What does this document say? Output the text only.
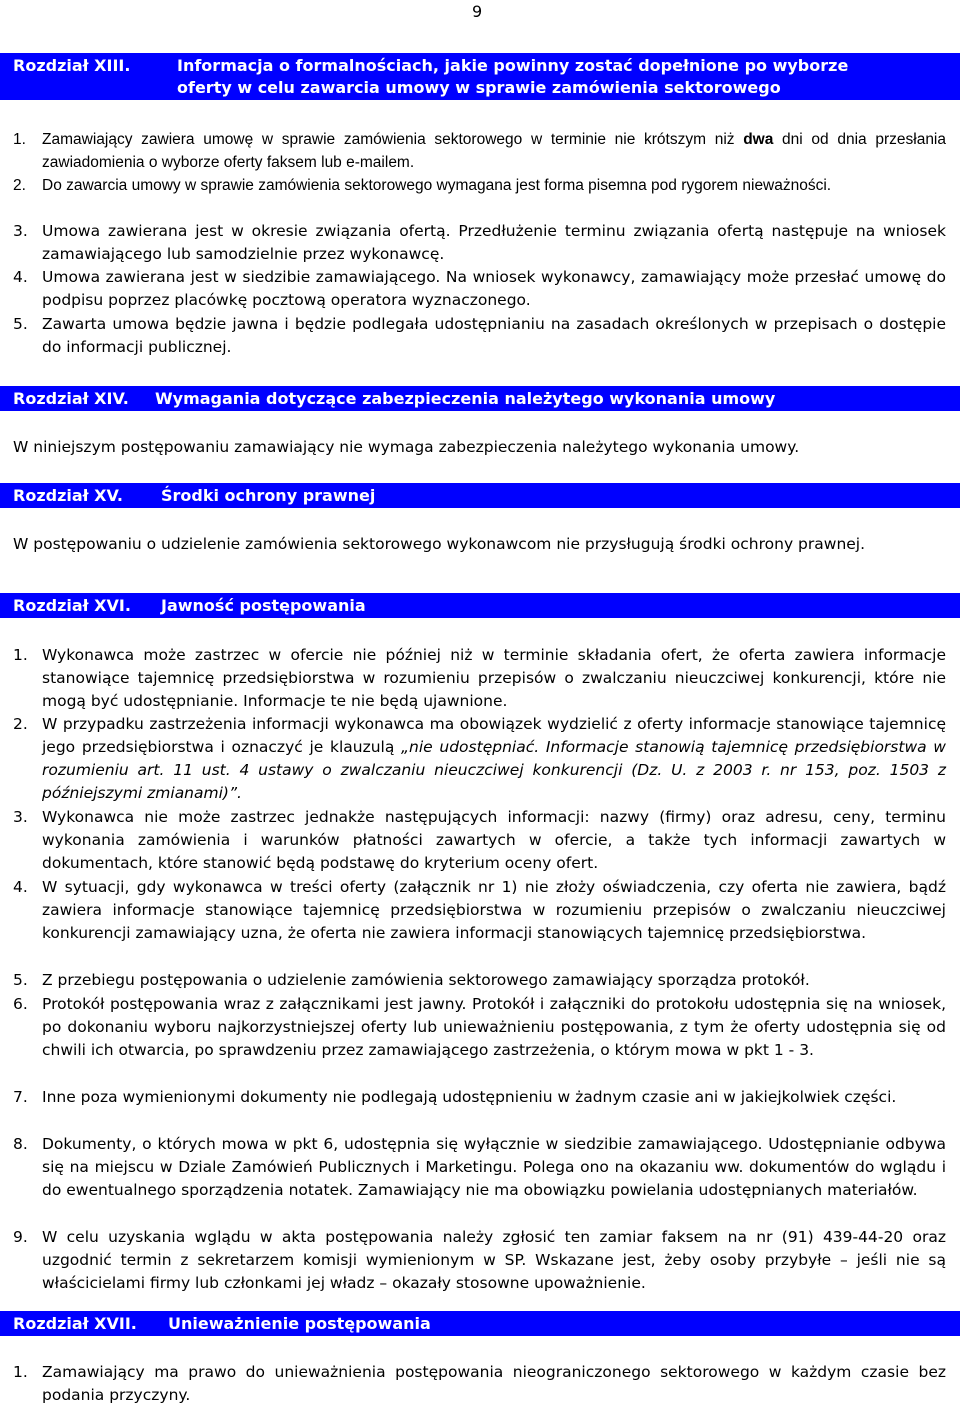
9
Rozdział XIII.	Informacja o formalnościach, jakie powinny zostać dopełnione po wyborze
oferty w celu zawarcia umowy w sprawie zamówienia sektorowego
1. Zamawiający zawiera umowę w sprawie zamówienia sektorowego w terminie nie krótszym niż dwa dni od dnia przesłania zawiadomienia o wyborze oferty faksem lub e-mailem.
2. Do zawarcia umowy w sprawie zamówienia sektorowego wymagana jest forma pisemna pod rygorem nieważności.
3. Umowa zawierana jest w okresie związania ofertą. Przedłużenie terminu związania ofertą następuje na wniosek zamawiającego lub samodzielnie przez wykonawcę.
4. Umowa zawierana jest w siedzibie zamawiającego. Na wniosek wykonawcy, zamawiający może przesłać umowę do podpisu poprzez placówkę pocztową operatora wyznaczonego.
5. Zawarta umowa będzie jawna i będzie podlegała udostępnianiu na zasadach określonych w przepisach o dostępie do informacji publicznej.
Rozdział XIV. Wymagania dotyczące zabezpieczenia należytego wykonania umowy
W niniejszym postępowaniu zamawiający nie wymaga zabezpieczenia należytego wykonania umowy.
Rozdział XV. Środki ochrony prawnej
W postępowaniu o udzielenie zamówienia sektorowego wykonawcom nie przysługują środki ochrony prawnej.
Rozdział XVI. Jawność postępowania
1. Wykonawca może zastrzec w ofercie nie później niż w terminie składania ofert, że oferta zawiera informacje stanowiące tajemnicę przedsiębiorstwa w rozumieniu przepisów o zwalczaniu nieuczciwej konkurencji, które nie mogą być udostępnianie. Informacje te nie będą ujawnione.
2. W przypadku zastrzeżenia informacji wykonawca ma obowiązek wydzielić z oferty informacje stanowiące tajemnicę jego przedsiębiorstwa i oznaczyć je klauzulą „nie udostępniać. Informacje stanowią tajemnicę przedsiębiorstwa w rozumieniu art. 11 ust. 4 ustawy o zwalczaniu nieuczciwej konkurencji (Dz. U. z 2003 r. nr 153, poz. 1503 z późniejszymi zmianami)”.
3. Wykonawca nie może zastrzec jednakże następujących informacji: nazwy (firmy) oraz adresu, ceny, terminu wykonania zamówienia i warunków płatności zawartych w ofercie, a także tych informacji zawartych w dokumentach, które stanowić będą podstawę do kryterium oceny ofert.
4. W sytuacji, gdy wykonawca w treści oferty (załącznik nr 1) nie złoży oświadczenia, czy oferta nie zawiera, bądź zawiera informacje stanowiące tajemnicę przedsiębiorstwa w rozumieniu przepisów o zwalczaniu nieuczciwej konkurencji zamawiający uzna, że oferta nie zawiera informacji stanowiących tajemnicę przedsiębiorstwa.
5. Z przebiegu postępowania o udzielenie zamówienia sektorowego zamawiający sporządza protokół.
6. Protokół postępowania wraz z załącznikami jest jawny. Protokół i załączniki do protokołu udostępnia się na wniosek, po dokonaniu wyboru najkorzystniejszej oferty lub unieważnieniu postępowania, z tym że oferty udostępnia się od chwili ich otwarcia, po sprawdzeniu przez zamawiającego zastrzeżenia, o którym mowa w pkt 1 - 3.
7. Inne poza wymienionymi dokumenty nie podlegają udostępnieniu w żadnym czasie ani w jakiejkolwiek części.
8. Dokumenty, o których mowa w pkt 6, udostępnia się wyłącznie w siedzibie zamawiającego. Udostępnianie odbywa się na miejscu w Dziale Zamówień Publicznych i Marketingu. Polega ono na okazaniu ww. dokumentów do wglądu i do ewentualnego sporządzenia notatek. Zamawiający nie ma obowiązku powielania udostępnianych materiałów.
9. W celu uzyskania wglądu w akta postępowania należy zgłosić ten zamiar faksem na nr (91) 439-44-20 oraz uzgodnić termin z sekretarzem komisji wymienionym w SP. Wskazane jest, żeby osoby przybyłe – jeśli nie są właścicielami firmy lub członkami jej władz – okazały stosowne upoważnienie.
Rozdział XVII. Unieważnienie postępowania
1. Zamawiający ma prawo do unieważnienia postępowania nieograniczonego sektorowego w każdym czasie bez podania przyczyny.
